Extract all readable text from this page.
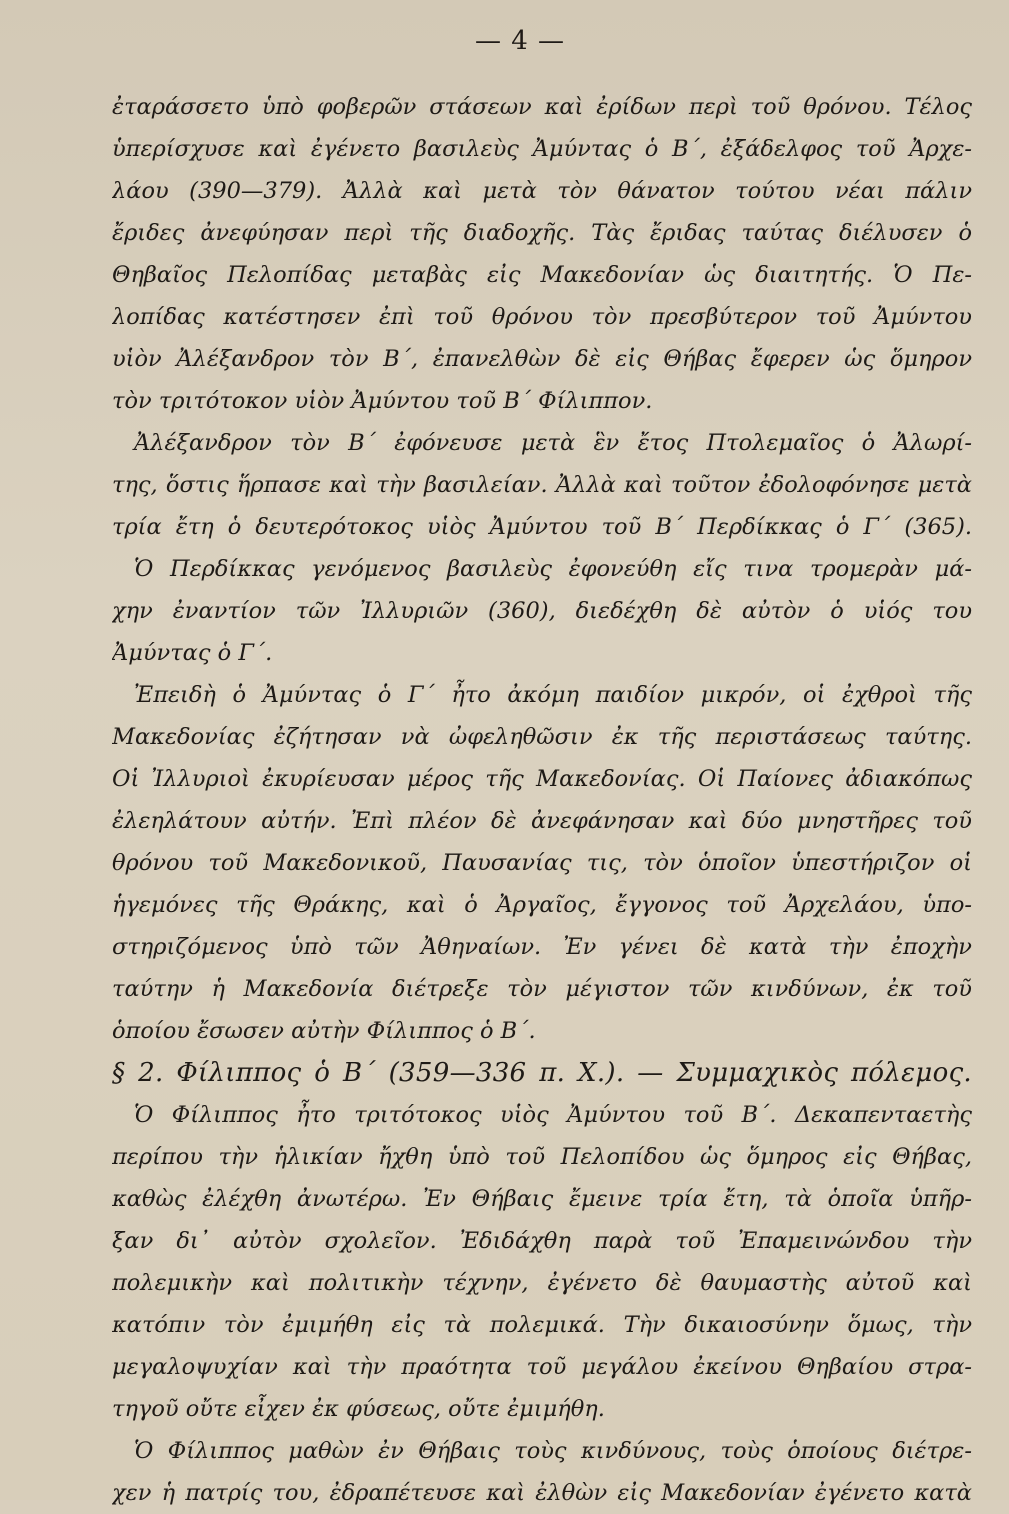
— 4 —
ἐταράσσετο ὑπὸ φοβερῶν στάσεων καὶ ἐρίδων περὶ τοῦ θρόνου. Τέλος
ὑπερίσχυσε καὶ ἐγένετο βασιλεὺς Ἀμύντας ὁ Β΄, ἐξάδελφος τοῦ Ἀρχε-
λάου (390—379). Ἀλλὰ καὶ μετὰ τὸν θάνατον τούτου νέαι πάλιν
ἔριδες ἀνεφύησαν περὶ τῆς διαδοχῆς. Τὰς ἔριδας ταύτας διέλυσεν ὁ
Θηβαῖος Πελοπίδας μεταβὰς εἰς Μακεδονίαν ὡς διαιτητής. Ὁ Πε-
λοπίδας κατέστησεν ἐπὶ τοῦ θρόνου τὸν πρεσβύτερον τοῦ Ἀμύντου
υἱὸν Ἀλέξανδρον τὸν Β΄, ἐπανελθὼν δὲ εἰς Θήβας ἔφερεν ὡς ὅμηρον
τὸν τριτότοκον υἱὸν Ἀμύντου τοῦ Β΄ Φίλιππον.
Ἀλέξανδρον τὸν Β΄ ἐφόνευσε μετὰ ἓν ἔτος Πτολεμαῖος ὁ Ἀλωρί-
της, ὅστις ἥρπασε καὶ τὴν βασιλείαν. Ἀλλὰ καὶ τοῦτον ἐδολοφόνησε μετὰ
τρία ἔτη ὁ δευτερότοκος υἱὸς Ἀμύντου τοῦ Β΄ Περδίκκας ὁ Γ΄ (365).
Ὁ Περδίκκας γενόμενος βασιλεὺς ἐφονεύθη εἴς τινα τρομερὰν μά-
χην ἐναντίον τῶν Ἰλλυριῶν (360), διεδέχθη δὲ αὐτὸν ὁ υἱός του
Ἀμύντας ὁ Γ΄.
Ἐπειδὴ ὁ Ἀμύντας ὁ Γ΄ ἦτο ἀκόμη παιδίον μικρόν, οἱ ἐχθροὶ τῆς
Μακεδονίας ἐζήτησαν νὰ ὠφεληθῶσιν ἐκ τῆς περιστάσεως ταύτης.
Οἱ Ἰλλυριοὶ ἐκυρίευσαν μέρος τῆς Μακεδονίας. Οἱ Παίονες ἀδιακόπως
ἐλεηλάτουν αὐτήν. Ἐπὶ πλέον δὲ ἀνεφάνησαν καὶ δύο μνηστῆρες τοῦ
θρόνου τοῦ Μακεδονικοῦ, Παυσανίας τις, τὸν ὁποῖον ὑπεστήριζον οἱ
ἡγεμόνες τῆς Θράκης, καὶ ὁ Ἀργαῖος, ἔγγονος τοῦ Ἀρχελάου, ὑπο-
στηριζόμενος ὑπὸ τῶν Ἀθηναίων. Ἐν γένει δὲ κατὰ τὴν ἐποχὴν
ταύτην ἡ Μακεδονία διέτρεξε τὸν μέγιστον τῶν κινδύνων, ἐκ τοῦ
ὁποίου ἔσωσεν αὐτὴν Φίλιππος ὁ Β΄.
§ 2. Φίλιππος ὁ Β΄ (359—336 π. Χ.). — Συμμαχικὸς πόλεμος.
Ὁ Φίλιππος ἦτο τριτότοκος υἱὸς Ἀμύντου τοῦ Β΄. Δεκαπενταετὴς
περίπου τὴν ἡλικίαν ἤχθη ὑπὸ τοῦ Πελοπίδου ὡς ὅμηρος εἰς Θήβας,
καθὼς ἐλέχθη ἀνωτέρω. Ἐν Θήβαις ἔμεινε τρία ἔτη, τὰ ὁποῖα ὑπῆρ-
ξαν δι᾽ αὐτὸν σχολεῖον. Ἐδιδάχθη παρὰ τοῦ Ἐπαμεινώνδου τὴν
πολεμικὴν καὶ πολιτικὴν τέχνην, ἐγένετο δὲ θαυμαστὴς αὐτοῦ καὶ
κατόπιν τὸν ἐμιμήθη εἰς τὰ πολεμικά. Τὴν δικαιοσύνην ὅμως, τὴν
μεγαλοψυχίαν καὶ τὴν πραότητα τοῦ μεγάλου ἐκείνου Θηβαίου στρα-
τηγοῦ οὔτε εἶχεν ἐκ φύσεως, οὔτε ἐμιμήθη.
Ὁ Φίλιππος μαθὼν ἐν Θήβαις τοὺς κινδύνους, τοὺς ὁποίους διέτρε-
χεν ἡ πατρίς του, ἐδραπέτευσε καὶ ἐλθὼν εἰς Μακεδονίαν ἐγένετο κατὰ
